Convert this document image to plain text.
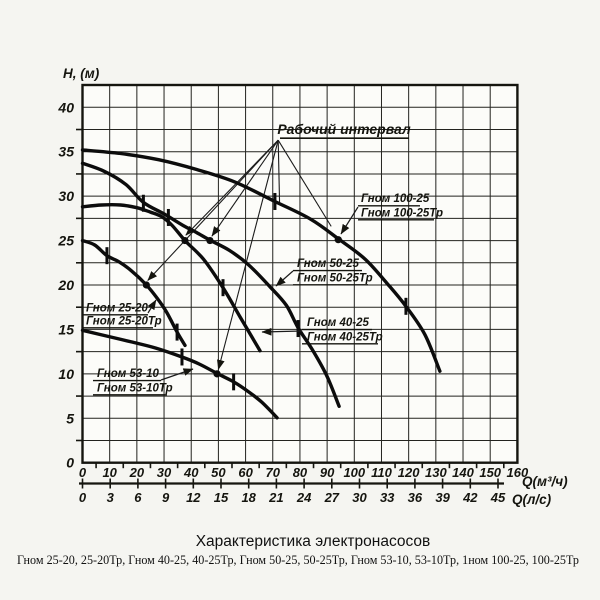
0
5
10
15
20
25
30
35
40
0 10 20 30 40 50 60 70 80 90 100 110 120 130 140 150 160
0 3 6 9 12 15 18 21 24 27 30 33 36 39 42 45
Гном 100-25
Гном 100-25Тр
Гном 50-25
Гном 50-25Тр
Гном 40-25
Гном 40-25Тр
Гном 25-20
Гном 25-20Тр
Гном 53-10
Гном 53-10Тр
H, (м)
Q(м³/ч)
Q(л/с)
Рабочий интервал
Характеристика электронасосов
Гном 25-20, 25-20Тр, Гном 40-25, 40-25Тр, Гном 50-25, 50-25Тр, Гном 53-10, 53-10Тр, 1ном 100-25, 100-25Тр
